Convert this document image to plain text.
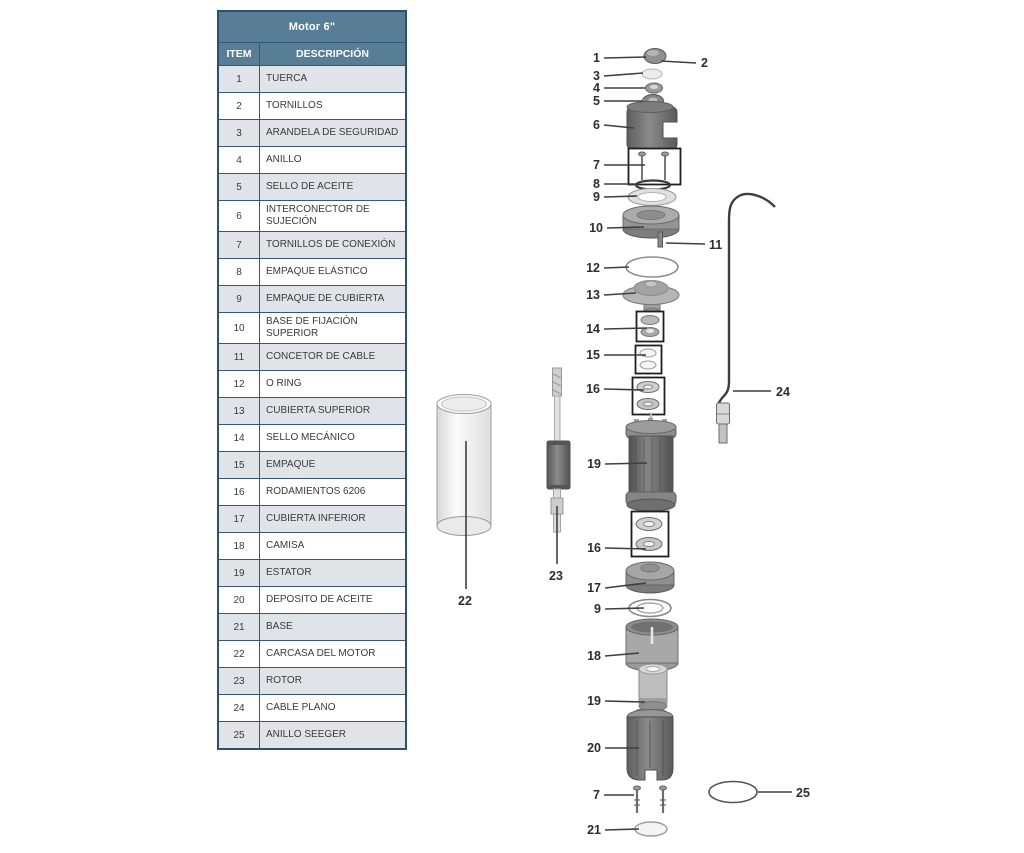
Motor 6"	
ITEM	DESCRIPCIÓN
1	TUERCA
2	TORNILLOS
3	ARANDELA DE SEGURIDAD
4	ANILLO
5	SELLO DE ACEITE
6	INTERCONECTOR DE SUJECIÓN
7	TORNILLOS DE CONEXIÓN
8	EMPAQUE ELÁSTICO
9	EMPAQUE DE CUBIERTA
10	BASE DE FIJACIÓN SUPERIOR
11	CONCETOR DE CABLE
12	O RING
13	CUBIERTA SUPERIOR
14	SELLO MECÁNICO
15	EMPAQUE
16	RODAMIENTOS 6206
17	CUBIERTA INFERIOR
18	CAMISA
19	ESTATOR
20	DEPOSITO DE ACEITE
21	BASE
22	CARCASA DEL MOTOR
23	ROTOR
24	CABLE PLANO
25	ANILLO SEEGER
1	2
3
4
5
6
7
8
9
10
11
12
13
14
15
16
19
16
17
9
18
19
20
7
21
22
23
24
25
